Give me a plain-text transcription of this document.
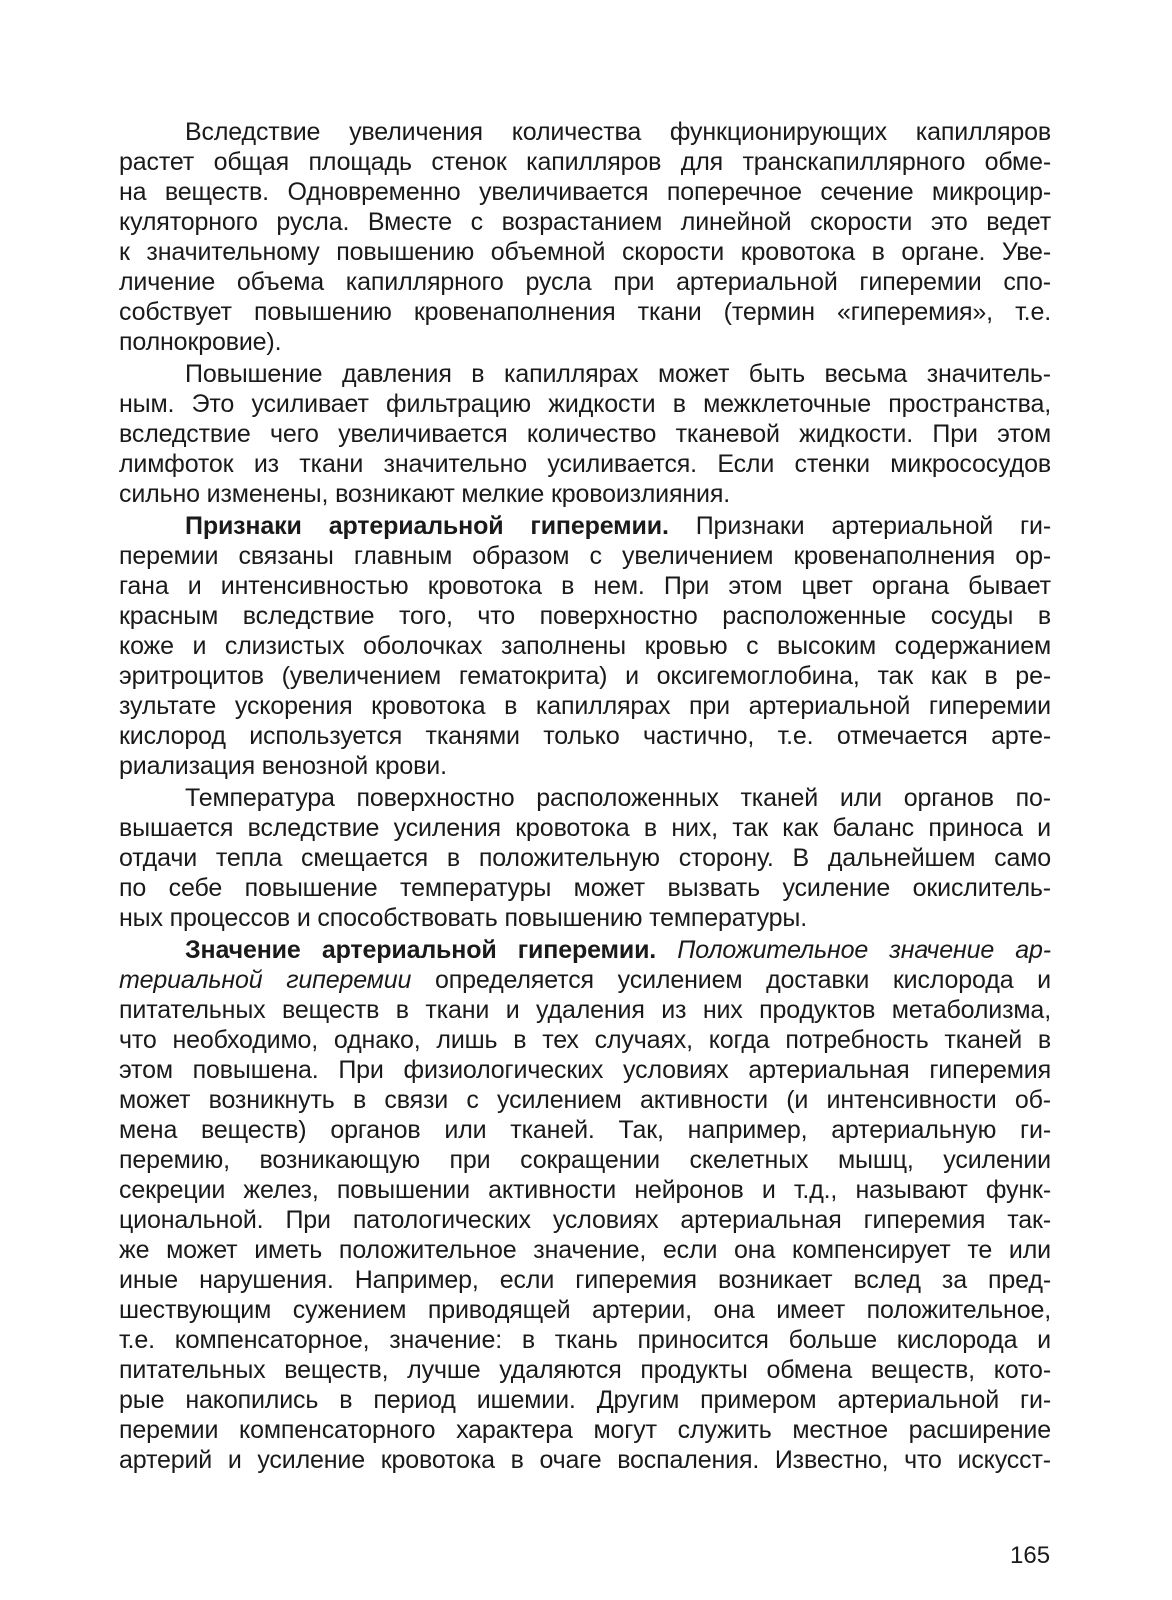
Вследствие увеличения количества функционирующих капилляров
растет общая площадь стенок капилляров для транскапиллярного обме-
на веществ. Одновременно увеличивается поперечное сечение микроцир-
куляторного русла. Вместе с возрастанием линейной скорости это ведет
к значительному повышению объемной скорости кровотока в органе. Уве-
личение объема капиллярного русла при артериальной гиперемии спо-
собствует повышению кровенаполнения ткани (термин «гиперемия», т.е.
полнокровие).
Повышение давления в капиллярах может быть весьма значитель-
ным. Это усиливает фильтрацию жидкости в межклеточные пространства,
вследствие чего увеличивается количество тканевой жидкости. При этом
лимфоток из ткани значительно усиливается. Если стенки микрососудов
сильно изменены, возникают мелкие кровоизлияния.
Признаки артериальной гиперемии. Признаки артериальной ги-
перемии связаны главным образом с увеличением кровенаполнения ор-
гана и интенсивностью кровотока в нем. При этом цвет органа бывает
красным вследствие того, что поверхностно расположенные сосуды в
коже и слизистых оболочках заполнены кровью с высоким содержанием
эритроцитов (увеличением гематокрита) и оксигемоглобина, так как в ре-
зультате ускорения кровотока в капиллярах при артериальной гиперемии
кислород используется тканями только частично, т.е. отмечается арте-
риализация венозной крови.
Температура поверхностно расположенных тканей или органов по-
вышается вследствие усиления кровотока в них, так как баланс приноса и
отдачи тепла смещается в положительную сторону. В дальнейшем само
по себе повышение температуры может вызвать усиление окислитель-
ных процессов и способствовать повышению температуры.
Значение артериальной гиперемии. Положительное значение ар-
териальной гиперемии определяется усилением доставки кислорода и
питательных веществ в ткани и удаления из них продуктов метаболизма,
что необходимо, однако, лишь в тех случаях, когда потребность тканей в
этом повышена. При физиологических условиях артериальная гиперемия
может возникнуть в связи с усилением активности (и интенсивности об-
мена веществ) органов или тканей. Так, например, артериальную ги-
перемию, возникающую при сокращении скелетных мышц, усилении
секреции желез, повышении активности нейронов и т.д., называют функ-
циональной. При патологических условиях артериальная гиперемия так-
же может иметь положительное значение, если она компенсирует те или
иные нарушения. Например, если гиперемия возникает вслед за пред-
шествующим сужением приводящей артерии, она имеет положительное,
т.е. компенсаторное, значение: в ткань приносится больше кислорода и
питательных веществ, лучше удаляются продукты обмена веществ, кото-
рые накопились в период ишемии. Другим примером артериальной ги-
перемии компенсаторного характера могут служить местное расширение
артерий и усиление кровотока в очаге воспаления. Известно, что искусст-
165
